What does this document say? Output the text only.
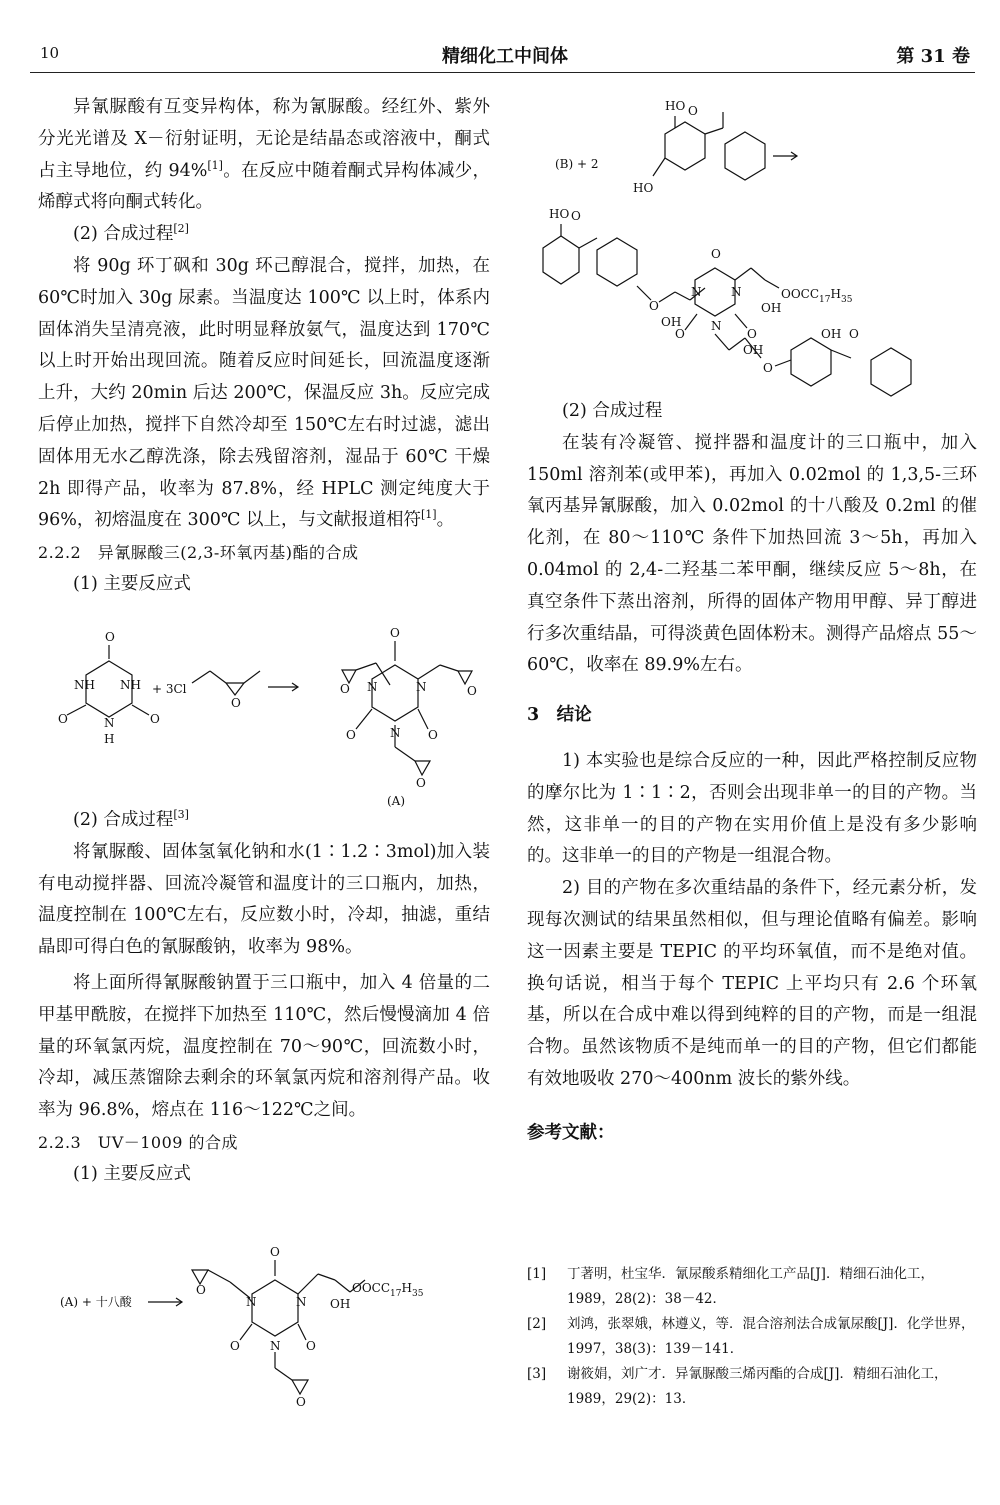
10	精细化工中间体	第 31 卷

异氰脲酸有互变异构体，称为氰脲酸。经红外、紫外分光光谱及 X－衍射证明，无论是结晶态或溶液中，酮式占主导地位，约 94%[1]。在反应中随着酮式异构体减少，烯醇式将向酮式转化。

(2) 合成过程[2]

将 90g 环丁砜和 30g 环己醇混合，搅拌，加热，在 60℃时加入 30g 尿素。当温度达 100℃ 以上时，体系内固体消失呈清亮液，此时明显释放氨气，温度达到 170℃以上时开始出现回流。随着反应时间延长，回流温度逐渐上升，大约 20min 后达 200℃，保温反应 3h。反应完成后停止加热，搅拌下自然冷却至 150℃左右时过滤，滤出固体用无水乙醇洗涤，除去残留溶剂，湿品于 60℃ 干燥 2h 即得产品，收率为 87.8%，经 HPLC 测定纯度大于 96%，初熔温度在 300℃ 以上，与文献报道相符[1]。

2.2.2　异氰脲酸三(2,3-环氧丙基)酯的合成

(1) 主要反应式

O
NH NH
O	O
N
H
+ 3Cl
O
O
O
N	N	O
O	O
N
O
(A)

(2) 合成过程[3]

将氰脲酸、固体氢氧化钠和水(1∶1.2∶3mol)加入装有电动搅拌器、回流冷凝管和温度计的三口瓶内，加热，温度控制在 100℃左右，反应数小时，冷却，抽滤，重结晶即可得白色的氰脲酸钠，收率为 98%。

将上面所得氰脲酸钠置于三口瓶中，加入 4 倍量的二甲基甲酰胺，在搅拌下加热至 110℃，然后慢慢滴加 4 倍量的环氧氯丙烷，温度控制在 70～90℃，回流数小时，冷却，减压蒸馏除去剩余的环氧氯丙烷和溶剂得产品。收率为 96.8%，熔点在 116～122℃之间。

2.2.3　UV－1009 的合成

(1) 主要反应式

(A) + 十八酸
O
O
N	N OH
$OOCC_{17}H_{35}$
O	O
N
O
(B) + 2
HO O
HO
HO O
O
OH
O
N N
N
O	O
OH
$OOCC_{17}H_{35}$
OH
O
OH O

(2) 合成过程

在装有冷凝管、搅拌器和温度计的三口瓶中，加入 150ml 溶剂苯(或甲苯)，再加入 0.02mol 的 1,3,5-三环氧丙基异氰脲酸，加入 0.02mol 的十八酸及 0.2ml 的催化剂，在 80～110℃ 条件下加热回流 3～5h，再加入 0.04mol 的 2,4-二羟基二苯甲酮，继续反应 5～8h，在真空条件下蒸出溶剂，所得的固体产物用甲醇、异丁醇进行多次重结晶，可得淡黄色固体粉末。测得产品熔点 55～60℃，收率在 89.9%左右。

3　结论

1) 本实验也是综合反应的一种，因此严格控制反应物的摩尔比为 1∶1∶2，否则会出现非单一的目的产物。当然，这非单一的目的产物在实用价值上是没有多少影响的。这非单一的目的产物是一组混合物。

2) 目的产物在多次重结晶的条件下，经元素分析，发现每次测试的结果虽然相似，但与理论值略有偏差。影响这一因素主要是 TEPIC 的平均环氧值，而不是绝对值。换句话说，相当于每个 TEPIC 上平均只有 2.6 个环氧基，所以在合成中难以得到纯粹的目的产物，而是一组混合物。虽然该物质不是纯而单一的目的产物，但它们都能有效地吸收 270～400nm 波长的紫外线。

参考文献：

[1]	丁著明，杜宝华．氰尿酸系精细化工产品[J]．精细石油化工，1989，28(2)：38－42．
[2]	刘鸿，张翠娥，林遵义，等．混合溶剂法合成氰尿酸[J]．化学世界，1997，38(3)：139－141．
[3]	谢筱娟，刘广才．异氰脲酸三烯丙酯的合成[J]．精细石油化工，1989，29(2)：13．
